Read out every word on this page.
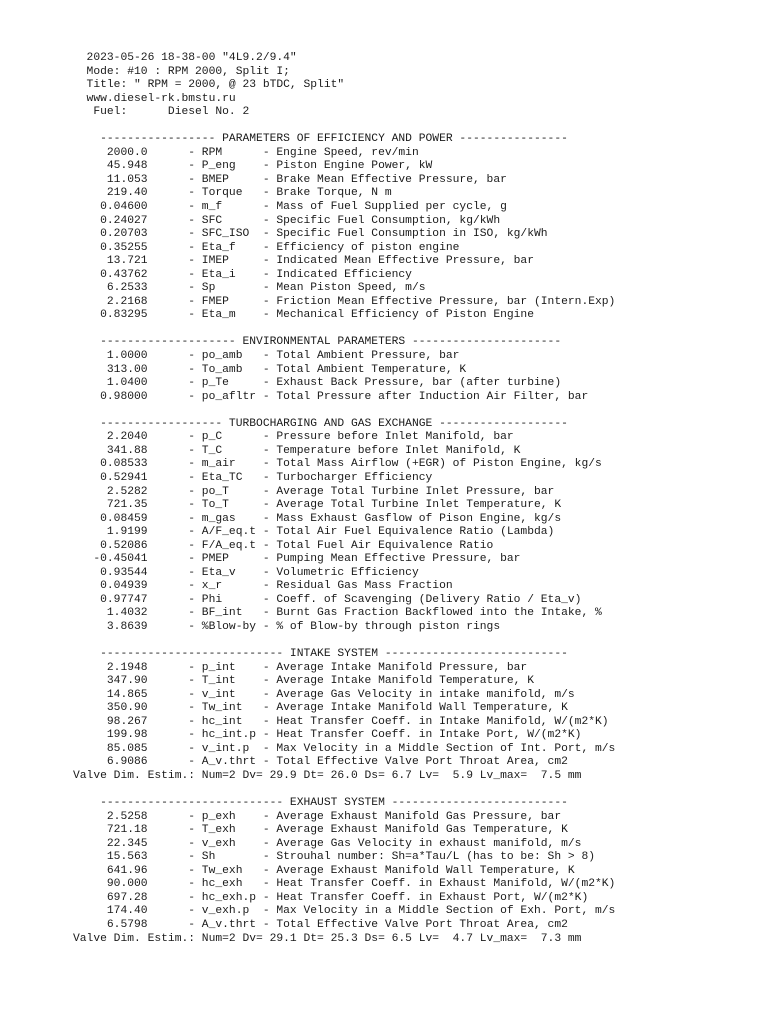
2023-05-26 18-38-00 "4L9.2/9.4"
Mode: #10 : RPM 2000, Split I;
Title: " RPM = 2000, @ 23 bTDC, Split"
www.diesel-rk.bmstu.ru
Fuel:      Diesel No. 2
----------------- PARAMETERS OF EFFICIENCY AND POWER ----------------
2000.0      - RPM      - Engine Speed, rev/min
45.948      - P_eng    - Piston Engine Power, kW
11.053      - BMEP     - Brake Mean Effective Pressure, bar
219.40      - Torque   - Brake Torque, N m
0.04600      - m_f      - Mass of Fuel Supplied per cycle, g
0.24027      - SFC      - Specific Fuel Consumption, kg/kWh
0.20703      - SFC_ISO  - Specific Fuel Consumption in ISO, kg/kWh
0.35255      - Eta_f    - Efficiency of piston engine
13.721      - IMEP     - Indicated Mean Effective Pressure, bar
0.43762      - Eta_i    - Indicated Efficiency
6.2533      - Sp       - Mean Piston Speed, m/s
2.2168      - FMEP     - Friction Mean Effective Pressure, bar (Intern.Exp)
0.83295      - Eta_m    - Mechanical Efficiency of Piston Engine
-------------------- ENVIRONMENTAL PARAMETERS ----------------------
1.0000      - po_amb   - Total Ambient Pressure, bar
313.00      - To_amb   - Total Ambient Temperature, K
1.0400      - p_Te     - Exhaust Back Pressure, bar (after turbine)
0.98000      - po_afltr - Total Pressure after Induction Air Filter, bar
------------------ TURBOCHARGING AND GAS EXCHANGE -------------------
2.2040      - p_C      - Pressure before Inlet Manifold, bar
341.88      - T_C      - Temperature before Inlet Manifold, K
0.08533      - m_air    - Total Mass Airflow (+EGR) of Piston Engine, kg/s
0.52941      - Eta_TC   - Turbocharger Efficiency
2.5282      - po_T     - Average Total Turbine Inlet Pressure, bar
721.35      - To_T     - Average Total Turbine Inlet Temperature, K
0.08459      - m_gas    - Mass Exhaust Gasflow of Pison Engine, kg/s
1.9199      - A/F_eq.t - Total Air Fuel Equivalence Ratio (Lambda)
0.52086      - F/A_eq.t - Total Fuel Air Equivalence Ratio
-0.45041      - PMEP     - Pumping Mean Effective Pressure, bar
0.93544      - Eta_v    - Volumetric Efficiency
0.04939      - x_r      - Residual Gas Mass Fraction
0.97747      - Phi      - Coeff. of Scavenging (Delivery Ratio / Eta_v)
1.4032      - BF_int   - Burnt Gas Fraction Backflowed into the Intake, %
3.8639      - %Blow-by - % of Blow-by through piston rings
--------------------------- INTAKE SYSTEM ---------------------------
2.1948      - p_int    - Average Intake Manifold Pressure, bar
347.90      - T_int    - Average Intake Manifold Temperature, K
14.865      - v_int    - Average Gas Velocity in intake manifold, m/s
350.90      - Tw_int   - Average Intake Manifold Wall Temperature, K
98.267      - hc_int   - Heat Transfer Coeff. in Intake Manifold, W/(m2*K)
199.98      - hc_int.p - Heat Transfer Coeff. in Intake Port, W/(m2*K)
85.085      - v_int.p  - Max Velocity in a Middle Section of Int. Port, m/s
6.9086      - A_v.thrt - Total Effective Valve Port Throat Area, cm2
Valve Dim. Estim.: Num=2 Dv= 29.9 Dt= 26.0 Ds= 6.7 Lv=  5.9 Lv_max=  7.5 mm
--------------------------- EXHAUST SYSTEM --------------------------
2.5258      - p_exh    - Average Exhaust Manifold Gas Pressure, bar
721.18      - T_exh    - Average Exhaust Manifold Gas Temperature, K
22.345      - v_exh    - Average Gas Velocity in exhaust manifold, m/s
15.563      - Sh       - Strouhal number: Sh=a*Tau/L (has to be: Sh > 8)
641.96      - Tw_exh   - Average Exhaust Manifold Wall Temperature, K
90.000      - hc_exh   - Heat Transfer Coeff. in Exhaust Manifold, W/(m2*K)
697.28      - hc_exh.p - Heat Transfer Coeff. in Exhaust Port, W/(m2*K)
174.40      - v_exh.p  - Max Velocity in a Middle Section of Exh. Port, m/s
6.5798      - A_v.thrt - Total Effective Valve Port Throat Area, cm2
Valve Dim. Estim.: Num=2 Dv= 29.1 Dt= 25.3 Ds= 6.5 Lv=  4.7 Lv_max=  7.3 mm
